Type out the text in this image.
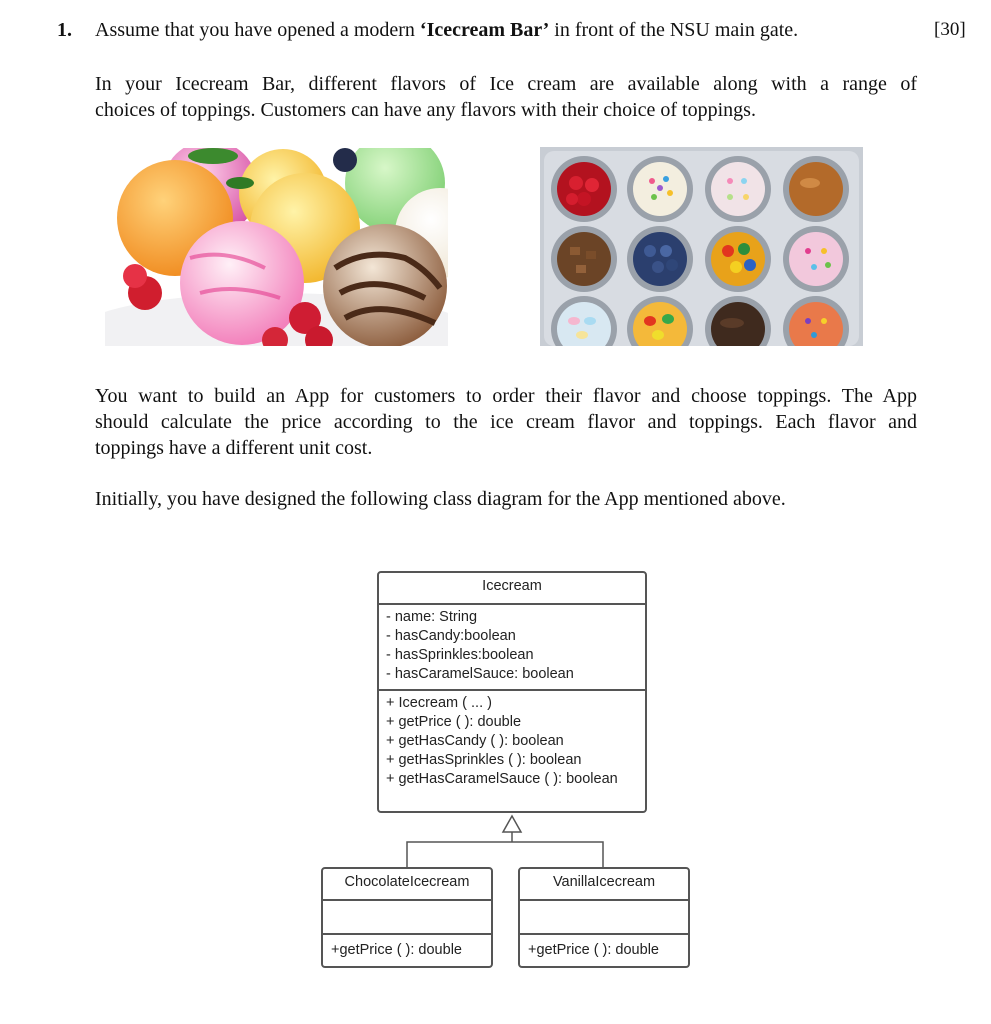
1. Assume that you have opened a modern ‘Icecream Bar’ in front of the NSU main gate.	[30]
In your Icecream Bar, different flavors of Ice cream are available along with a range of
choices of toppings. Customers can have any flavors with their choice of toppings.
You want to build an App for customers to order their flavor and choose toppings. The App
should calculate the price according to the ice cream flavor and toppings. Each flavor and
toppings have a different unit cost.
Initially, you have designed the following class diagram for the App mentioned above.
Icecream
- name: String
- hasCandy:boolean
- hasSprinkles:boolean
- hasCaramelSauce: boolean
+ Icecream ( ... )
+ getPrice ( ): double
+ getHasCandy ( ): boolean
+ getHasSprinkles ( ): boolean
+ getHasCaramelSauce ( ): boolean
ChocolateIcecream
+getPrice ( ): double
VanillaIcecream
+getPrice ( ): double
